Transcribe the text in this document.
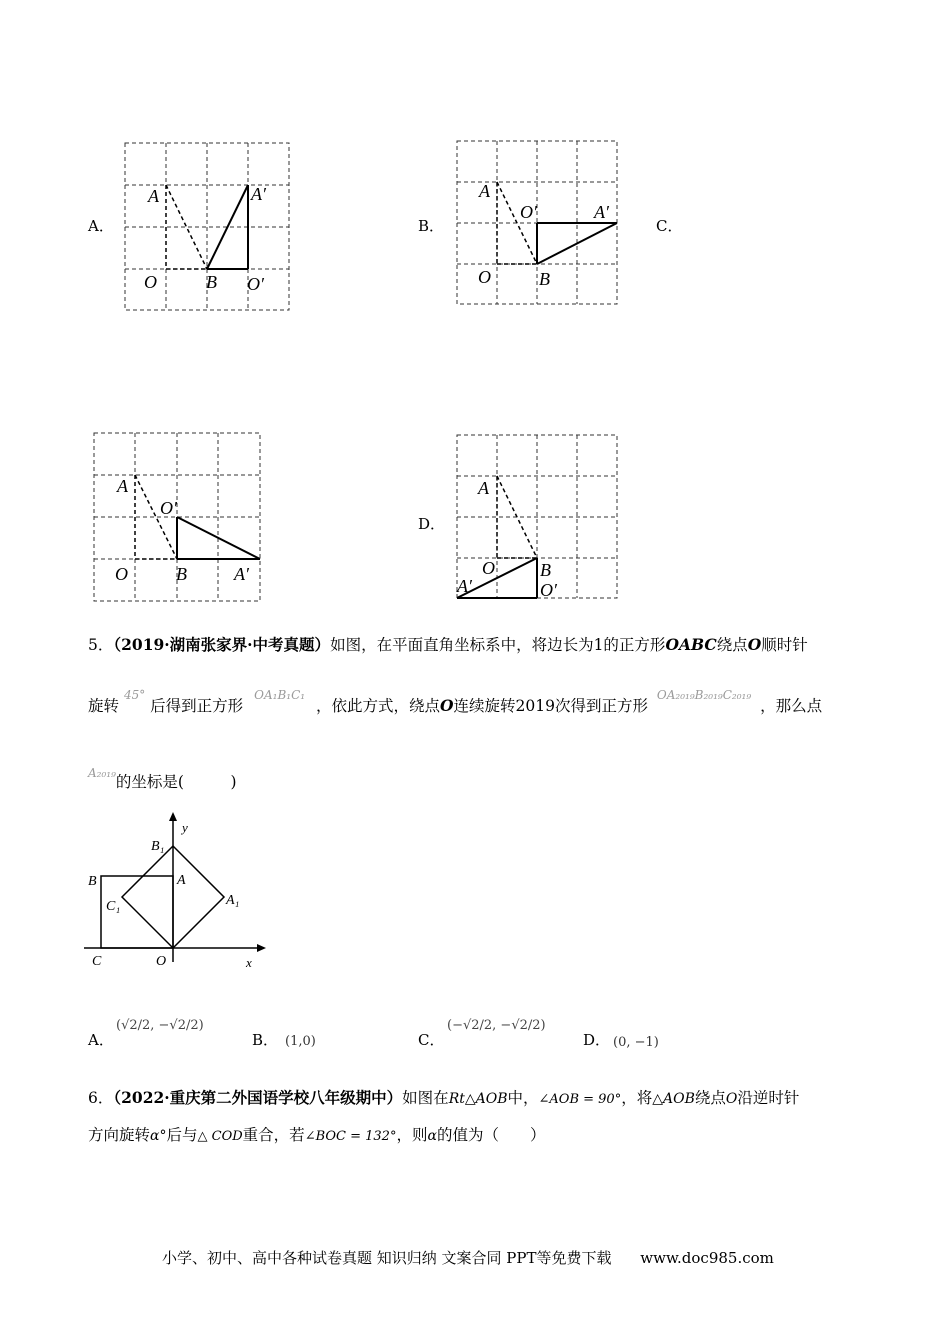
A．
A	A′
O	B O′
B．
A
O′	A′
O	B
C．
A
O′
O	B	A′
D．
A
O	B
A′	O′
5．（2019·湖南张家界·中考真题）如图，在平面直角坐标系中，将边长为1的正方形OABC绕点O顺时针
旋转 $^{45^\circ}$ 后得到正方形 $^{OA_1B_1C_1}$ ，依此方式，绕点O连续旋转2019次得到正方形 $^{OA_{2019}B_{2019}C_{2019}}$ ，那么点
$^{A_{2019}}$的坐标是(　　　)
y
x
B₁
B	A
C₁	A₁
C	O
A．
(√2/2, −√2/2)
B． (1,0)	C．
(−√2/2, −√2/2)
D． (0, −1)
6．（2022·重庆第二外国语学校八年级期中）如图在Rt△AOB中，∠AOB = 90°，将△AOB绕点O沿逆时针
方向旋转α°后与△ COD重合，若∠BOC = 132°，则α的值为（　　）
小学、初中、高中各种试卷真题 知识归纳 文案合同 PPT等免费下载 www.doc985.com
